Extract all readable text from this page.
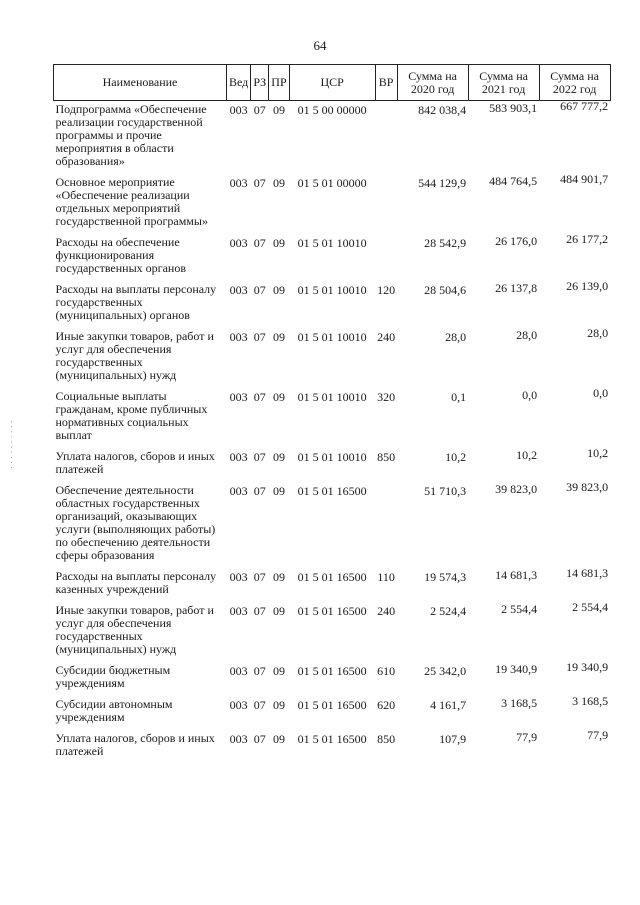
64
· · · · · · · · · ·
Наименование	Вед	РЗ	ПР	ЦСР	ВР	Сумма на 2020 год	Сумма на 2021 год	Сумма на 2022 год
Подпрограмма «Обеспечение реализации государственной программы и прочие мероприятия в области образования»	003	07	09	01 5 00 00000		842 038,4	583 903,1	667 777,2
Основное мероприятие «Обеспечение реализации отдельных мероприятий государственной программы»	003	07	09	01 5 01 00000		544 129,9	484 764,5	484 901,7
Расходы на обеспечение функционирования государственных органов	003	07	09	01 5 01 10010		28 542,9	26 176,0	26 177,2
Расходы на выплаты персоналу государственных (муниципальных) органов	003	07	09	01 5 01 10010	120	28 504,6	26 137,8	26 139,0
Иные закупки товаров, работ и услуг для обеспечения государственных (муниципальных) нужд	003	07	09	01 5 01 10010	240	28,0	28,0	28,0
Социальные выплаты гражданам, кроме публичных нормативных социальных выплат	003	07	09	01 5 01 10010	320	0,1	0,0	0,0
Уплата налогов, сборов и иных платежей	003	07	09	01 5 01 10010	850	10,2	10,2	10,2
Обеспечение деятельности областных государственных организаций, оказывающих услуги (выполняющих работы) по обеспечению деятельности сферы образования	003	07	09	01 5 01 16500		51 710,3	39 823,0	39 823,0
Расходы на выплаты персоналу казенных учреждений	003	07	09	01 5 01 16500	110	19 574,3	14 681,3	14 681,3
Иные закупки товаров, работ и услуг для обеспечения государственных (муниципальных) нужд	003	07	09	01 5 01 16500	240	2 524,4	2 554,4	2 554,4
Субсидии бюджетным учреждениям	003	07	09	01 5 01 16500	610	25 342,0	19 340,9	19 340,9
Субсидии автономным учреждениям	003	07	09	01 5 01 16500	620	4 161,7	3 168,5	3 168,5
Уплата налогов, сборов и иных платежей	003	07	09	01 5 01 16500	850	107,9	77,9	77,9
